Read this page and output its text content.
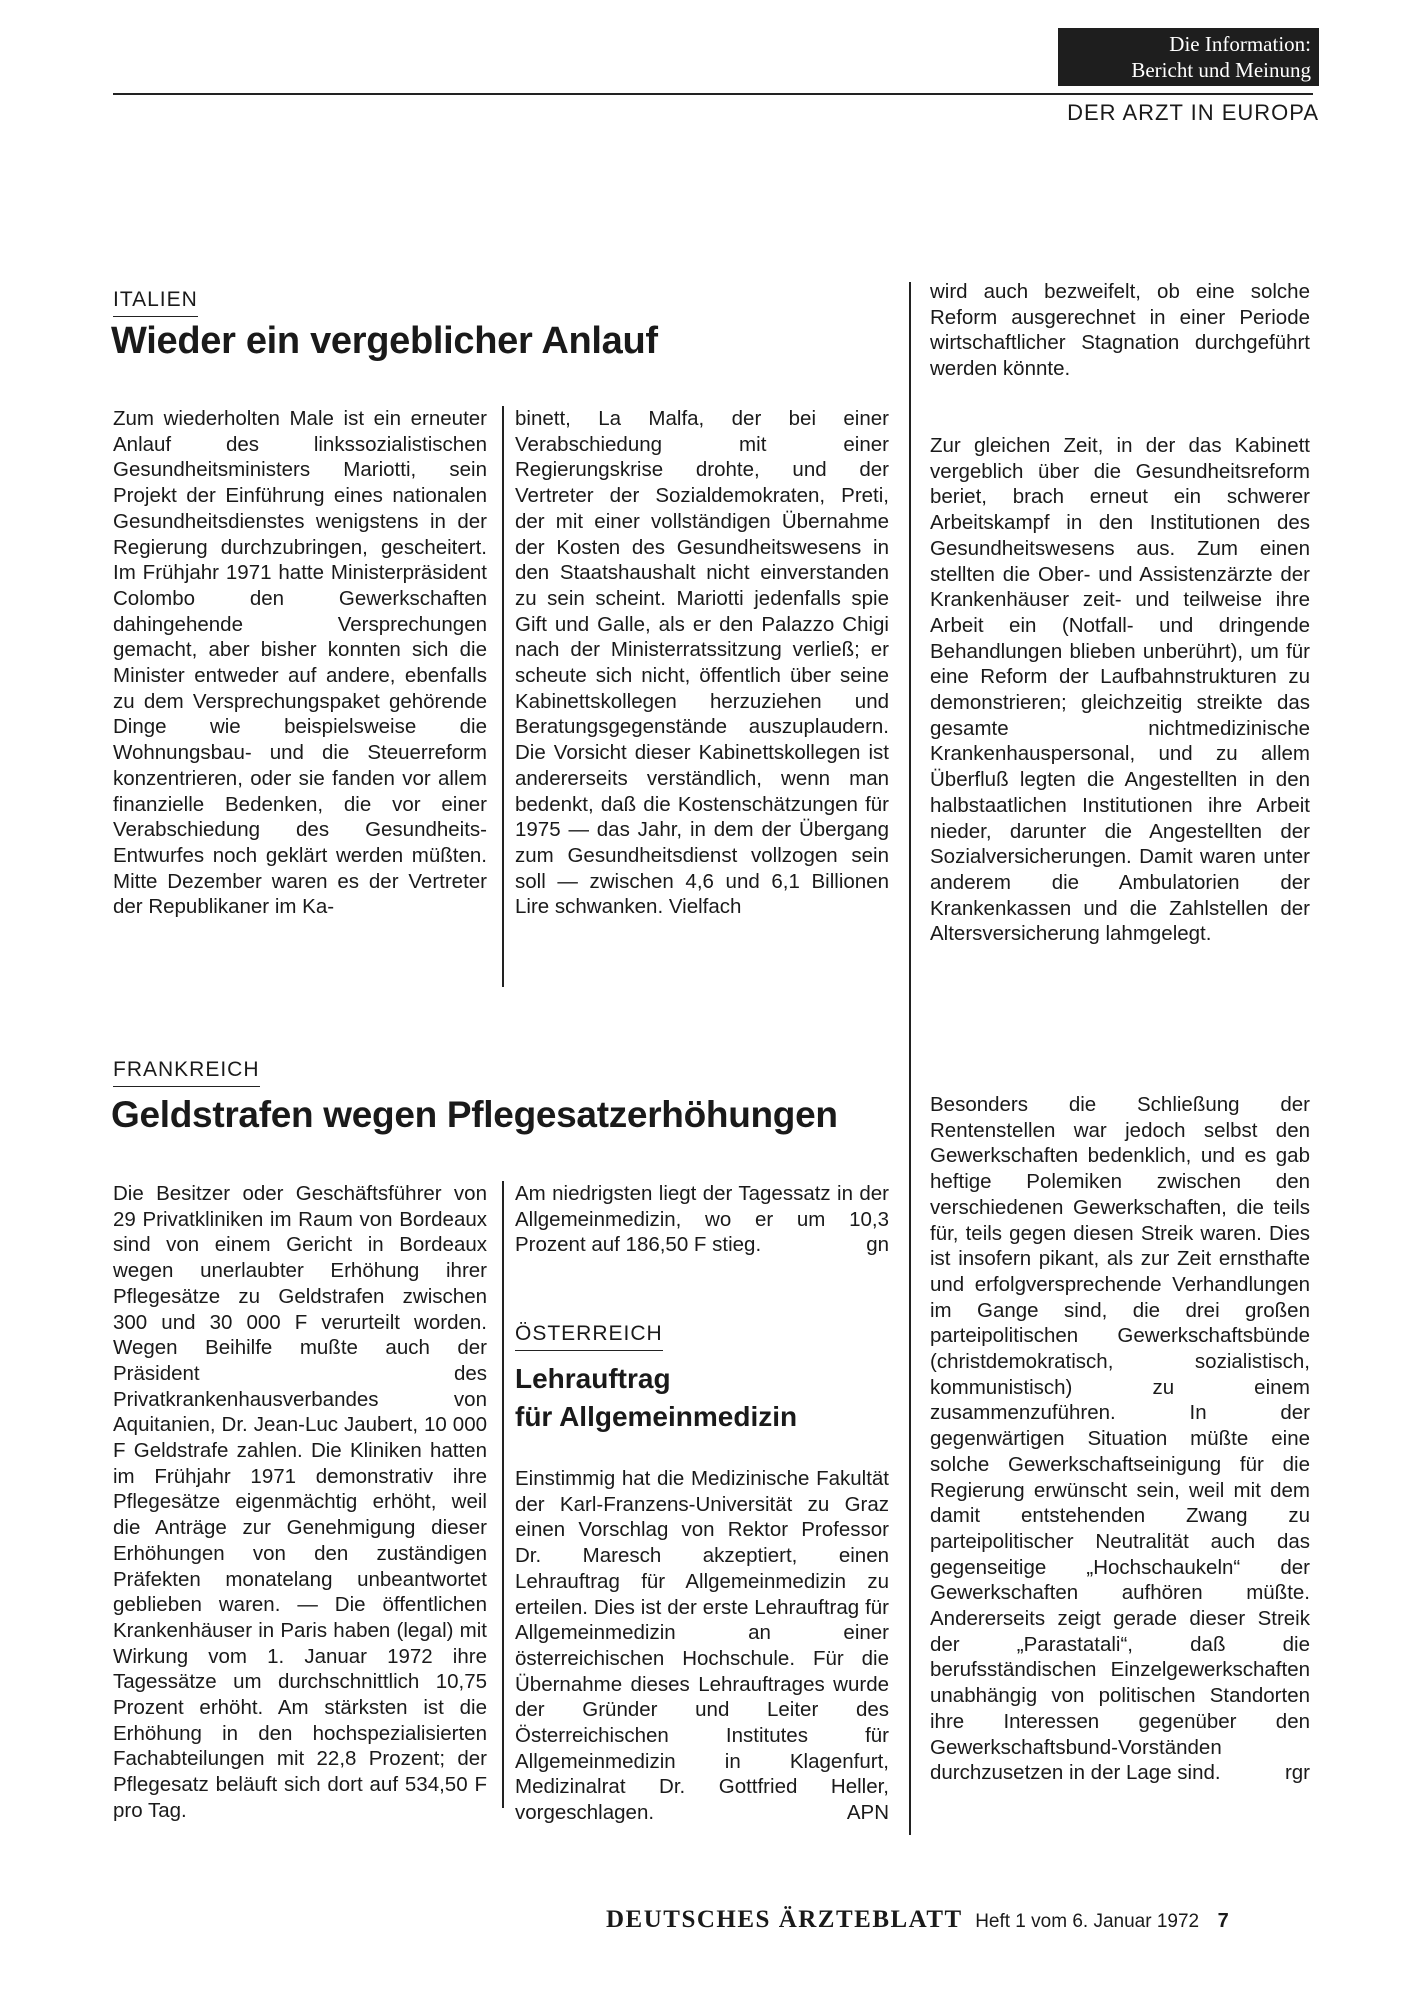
Die Information:
Bericht und Meinung
DER ARZT IN EUROPA
ITALIEN
Wieder ein vergeblicher Anlauf

Zum wiederholten Male ist ein erneuter Anlauf des linkssozialistischen Gesundheitsministers Mariotti, sein Projekt der Einführung eines nationalen Gesundheitsdienstes wenigstens in der Regierung durchzubringen, gescheitert. Im Frühjahr 1971 hatte Ministerpräsident Colombo den Gewerkschaften dahingehende Versprechungen gemacht, aber bisher konnten sich die Minister entweder auf andere, ebenfalls zu dem Versprechungspaket gehörende Dinge wie beispielsweise die Wohnungsbau- und die Steuerreform konzentrieren, oder sie fanden vor allem finanzielle Bedenken, die vor einer Verabschiedung des Gesundheits-Entwurfes noch geklärt werden müßten. Mitte Dezember waren es der Vertreter der Republikaner im Ka-

binett, La Malfa, der bei einer Verabschiedung mit einer Regierungskrise drohte, und der Vertreter der Sozialdemokraten, Preti, der mit einer vollständigen Übernahme der Kosten des Gesundheitswesens in den Staatshaushalt nicht einverstanden zu sein scheint. Mariotti jedenfalls spie Gift und Galle, als er den Palazzo Chigi nach der Ministerratssitzung verließ; er scheute sich nicht, öffentlich über seine Kabinettskollegen herzuziehen und Beratungsgegenstände auszuplaudern. Die Vorsicht dieser Kabinettskollegen ist andererseits verständlich, wenn man bedenkt, daß die Kostenschätzungen für 1975 — das Jahr, in dem der Übergang zum Gesundheitsdienst vollzogen sein soll — zwischen 4,6 und 6,1 Billionen Lire schwanken. Vielfach

wird auch bezweifelt, ob eine solche Reform ausgerechnet in einer Periode wirtschaftlicher Stagnation durchgeführt werden könnte.

Zur gleichen Zeit, in der das Kabinett vergeblich über die Gesundheitsreform beriet, brach erneut ein schwerer Arbeitskampf in den Institutionen des Gesundheitswesens aus. Zum einen stellten die Ober- und Assistenzärzte der Krankenhäuser zeit- und teilweise ihre Arbeit ein (Notfall- und dringende Behandlungen blieben unberührt), um für eine Reform der Laufbahnstrukturen zu demonstrieren; gleichzeitig streikte das gesamte nichtmedizinische Krankenhauspersonal, und zu allem Überfluß legten die Angestellten in den halbstaatlichen Institutionen ihre Arbeit nieder, darunter die Angestellten der Sozialversicherungen. Damit waren unter anderem die Ambulatorien der Krankenkassen und die Zahlstellen der Altersversicherung lahmgelegt.

Besonders die Schließung der Rentenstellen war jedoch selbst den Gewerkschaften bedenklich, und es gab heftige Polemiken zwischen den verschiedenen Gewerkschaften, die teils für, teils gegen diesen Streik waren. Dies ist insofern pikant, als zur Zeit ernsthafte und erfolgversprechende Verhandlungen im Gange sind, die drei großen parteipolitischen Gewerkschaftsbünde (christdemokratisch, sozialistisch, kommunistisch) zu einem zusammenzuführen. In der gegenwärtigen Situation müßte eine solche Gewerkschaftseinigung für die Regierung erwünscht sein, weil mit dem damit entstehenden Zwang zu parteipolitischer Neutralität auch das gegenseitige „Hochschaukeln“ der Gewerkschaften aufhören müßte. Andererseits zeigt gerade dieser Streik der „Parastatali“, daß die berufsständischen Einzelgewerkschaften unabhängig von politischen Standorten ihre Interessen gegenüber den Gewerkschaftsbund-Vorständen durchzusetzen in der Lage sind.	rgr

FRANKREICH
Geldstrafen wegen Pflegesatzerhöhungen

Die Besitzer oder Geschäftsführer von 29 Privatkliniken im Raum von Bordeaux sind von einem Gericht in Bordeaux wegen unerlaubter Erhöhung ihrer Pflegesätze zu Geldstrafen zwischen 300 und 30 000 F verurteilt worden. Wegen Beihilfe mußte auch der Präsident des Privatkrankenhausverbandes von Aquitanien, Dr. Jean-Luc Jaubert, 10 000 F Geldstrafe zahlen. Die Kliniken hatten im Frühjahr 1971 demonstrativ ihre Pflegesätze eigenmächtig erhöht, weil die Anträge zur Genehmigung dieser Erhöhungen von den zuständigen Präfekten monatelang unbeantwortet geblieben waren. — Die öffentlichen Krankenhäuser in Paris haben (legal) mit Wirkung vom 1. Januar 1972 ihre Tagessätze um durchschnittlich 10,75 Prozent erhöht. Am stärksten ist die Erhöhung in den hochspezialisierten Fachabteilungen mit 22,8 Prozent; der Pflegesatz beläuft sich dort auf 534,50 F pro Tag.

Am niedrigsten liegt der Tagessatz in der Allgemeinmedizin, wo er um 10,3 Prozent auf 186,50 F stieg.	gn

ÖSTERREICH
Lehrauftrag
für Allgemeinmedizin

Einstimmig hat die Medizinische Fakultät der Karl-Franzens-Universität zu Graz einen Vorschlag von Rektor Professor Dr. Maresch akzeptiert, einen Lehrauftrag für Allgemeinmedizin zu erteilen. Dies ist der erste Lehrauftrag für Allgemeinmedizin an einer österreichischen Hochschule. Für die Übernahme dieses Lehrauftrages wurde der Gründer und Leiter des Österreichischen Institutes für Allgemeinmedizin in Klagenfurt, Medizinalrat Dr. Gottfried Heller, vorgeschlagen.	APN

DEUTSCHES ÄRZTEBLATT Heft 1 vom 6. Januar 1972 7
